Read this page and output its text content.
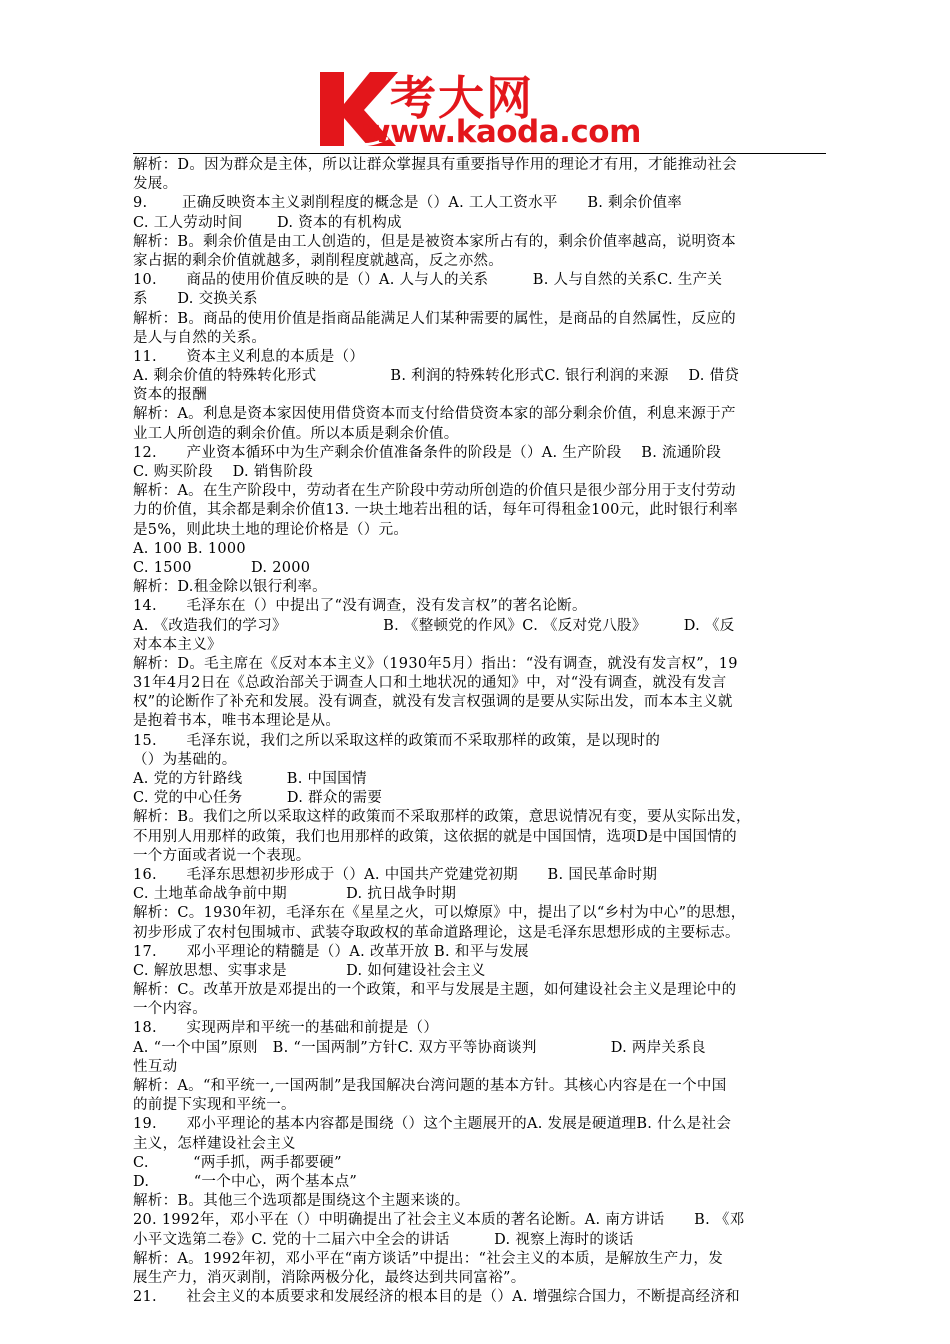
考大网
www.kaoda.com
解析：D。因为群众是主体，所以让群众掌握具有重要指导作用的理论才有用，才能推动社会
发展。
9.　　 正确反映资本主义剥削程度的概念是（）A. 工人工资水平　　B. 剩余价值率
C. 工人劳动时间　　 D. 资本的有机构成
解析：B。剩余价值是由工人创造的，但是是被资本家所占有的，剩余价值率越高，说明资本
家占据的剩余价值就越多，剥削程度就越高，反之亦然。
10.　　商品的使用价值反映的是（）A. 人与人的关系　　　B. 人与自然的关系C. 生产关
系　　D. 交换关系
解析：B。商品的使用价值是指商品能满足人们某种需要的属性，是商品的自然属性，反应的
是人与自然的关系。
11.　　资本主义利息的本质是（）
A. 剩余价值的特殊转化形式　　　　　B. 利润的特殊转化形式C. 银行利润的来源　 D. 借贷
资本的报酬
解析：A。利息是资本家因使用借贷资本而支付给借贷资本家的部分剩余价值，利息来源于产
业工人所创造的剩余价值。所以本质是剩余价值。
12.　　产业资本循环中为生产剩余价值准备条件的阶段是（）A. 生产阶段　 B. 流通阶段
C. 购买阶段　 D. 销售阶段
解析：A。在生产阶段中，劳动者在生产阶段中劳动所创造的价值只是很少部分用于支付劳动
力的价值，其余都是剩余价值13. 一块土地若出租的话，每年可得租金100元，此时银行利率
是5%，则此块土地的理论价格是（）元。
A. 100 B. 1000
C. 1500　　　　D. 2000
解析：D.租金除以银行利率。
14.　　毛泽东在（）中提出了“没有调查，没有发言权”的著名论断。
A. 《改造我们的学习》　　　　　　　B. 《整顿党的作风》C. 《反对党八股》　　　D. 《反
对本本主义》
解析：D。毛主席在《反对本本主义》（1930年5月）指出：“没有调查，就没有发言权”，19
31年4月2日在《总政治部关于调查人口和土地状况的通知》中，对“没有调查，就没有发言
权”的论断作了补充和发展。没有调查，就没有发言权强调的是要从实际出发，而本本主义就
是抱着书本，唯书本理论是从。
15.　　毛泽东说，我们之所以采取这样的政策而不采取那样的政策，是以现时的
（）为基础的。
A. 党的方针路线　　　B. 中国国情
C. 党的中心任务　　　D. 群众的需要
解析：B。我们之所以采取这样的政策而不采取那样的政策，意思说情况有变，要从实际出发，
不用别人用那样的政策，我们也用那样的政策，这依据的就是中国国情，选项D是中国国情的
一个方面或者说一个表现。
16.　　毛泽东思想初步形成于（）A. 中国共产党建党初期　　B. 国民革命时期
C. 土地革命战争前中期　　　　D. 抗日战争时期
解析：C。1930年初，毛泽东在《星星之火，可以燎原》中，提出了以“乡村为中心”的思想，
初步形成了农村包围城市、武装夺取政权的革命道路理论，这是毛泽东思想形成的主要标志。
17.　　邓小平理论的精髓是（）A. 改革开放 B. 和平与发展
C. 解放思想、实事求是　　　　D. 如何建设社会主义
解析：C。改革开放是邓提出的一个政策，和平与发展是主题，如何建设社会主义是理论中的
一个内容。
18.　　实现两岸和平统一的基础和前提是（）
A. “一个中国”原则　B. “一国两制”方针C. 双方平等协商谈判　　　　　D. 两岸关系良
性互动
解析：A。“和平统一,一国两制”是我国解决台湾问题的基本方针。其核心内容是在一个中国
的前提下实现和平统一。
19.　　邓小平理论的基本内容都是围绕（）这个主题展开的A. 发展是硬道理B. 什么是社会
主义，怎样建设社会主义
C.　　　“两手抓，两手都要硬”
D.　　　“一个中心，两个基本点”
解析：B。其他三个选项都是围绕这个主题来谈的。
20. 1992年，邓小平在（）中明确提出了社会主义本质的著名论断。A. 南方讲话　　B. 《邓
小平文选第二卷》C. 党的十二届六中全会的讲话　　　D. 视察上海时的谈话
解析：A。1992年初，邓小平在“南方谈话”中提出：“社会主义的本质，是解放生产力，发
展生产力，消灭剥削，消除两极分化，最终达到共同富裕”。
21.　　社会主义的本质要求和发展经济的根本目的是（）A. 增强综合国力，不断提高经济和
